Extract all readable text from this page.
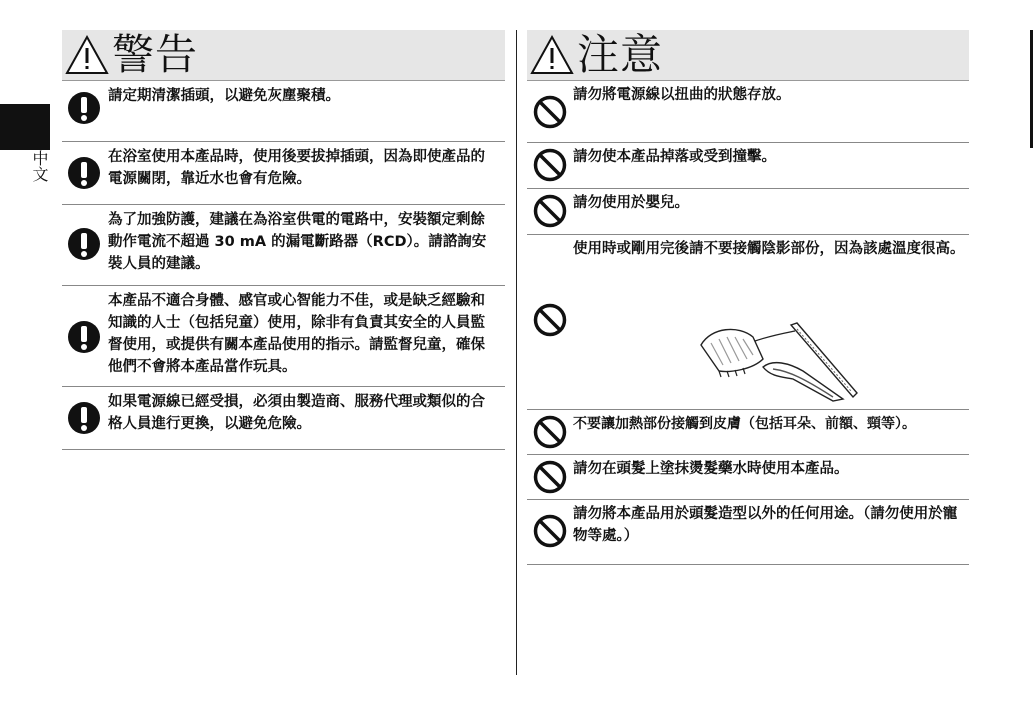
中文
警告
請定期清潔插頭，以避免灰塵聚積。
在浴室使用本產品時，使用後要拔掉插頭，因為即使產品的電源關閉，靠近水也會有危險。
為了加強防護，建議在為浴室供電的電路中，安裝額定剩餘動作電流不超過 30 mA 的漏電斷路器（RCD）。請諮詢安裝人員的建議。
本產品不適合身體、感官或心智能力不佳，或是缺乏經驗和知識的人士（包括兒童）使用，除非有負責其安全的人員監督使用，或提供有關本產品使用的指示。請監督兒童，確保他們不會將本產品當作玩具。
如果電源線已經受損，必須由製造商、服務代理或類似的合格人員進行更換，以避免危險。
注意
請勿將電源線以扭曲的狀態存放。
請勿使本產品掉落或受到撞擊。
請勿使用於嬰兒。
使用時或剛用完後請不要接觸陰影部份，因為該處溫度很高。
不要讓加熱部份接觸到皮膚（包括耳朵、前額、頸等）。
請勿在頭髮上塗抹燙髮藥水時使用本產品。
請勿將本產品用於頭髮造型以外的任何用途。（請勿使用於寵物等處。）
